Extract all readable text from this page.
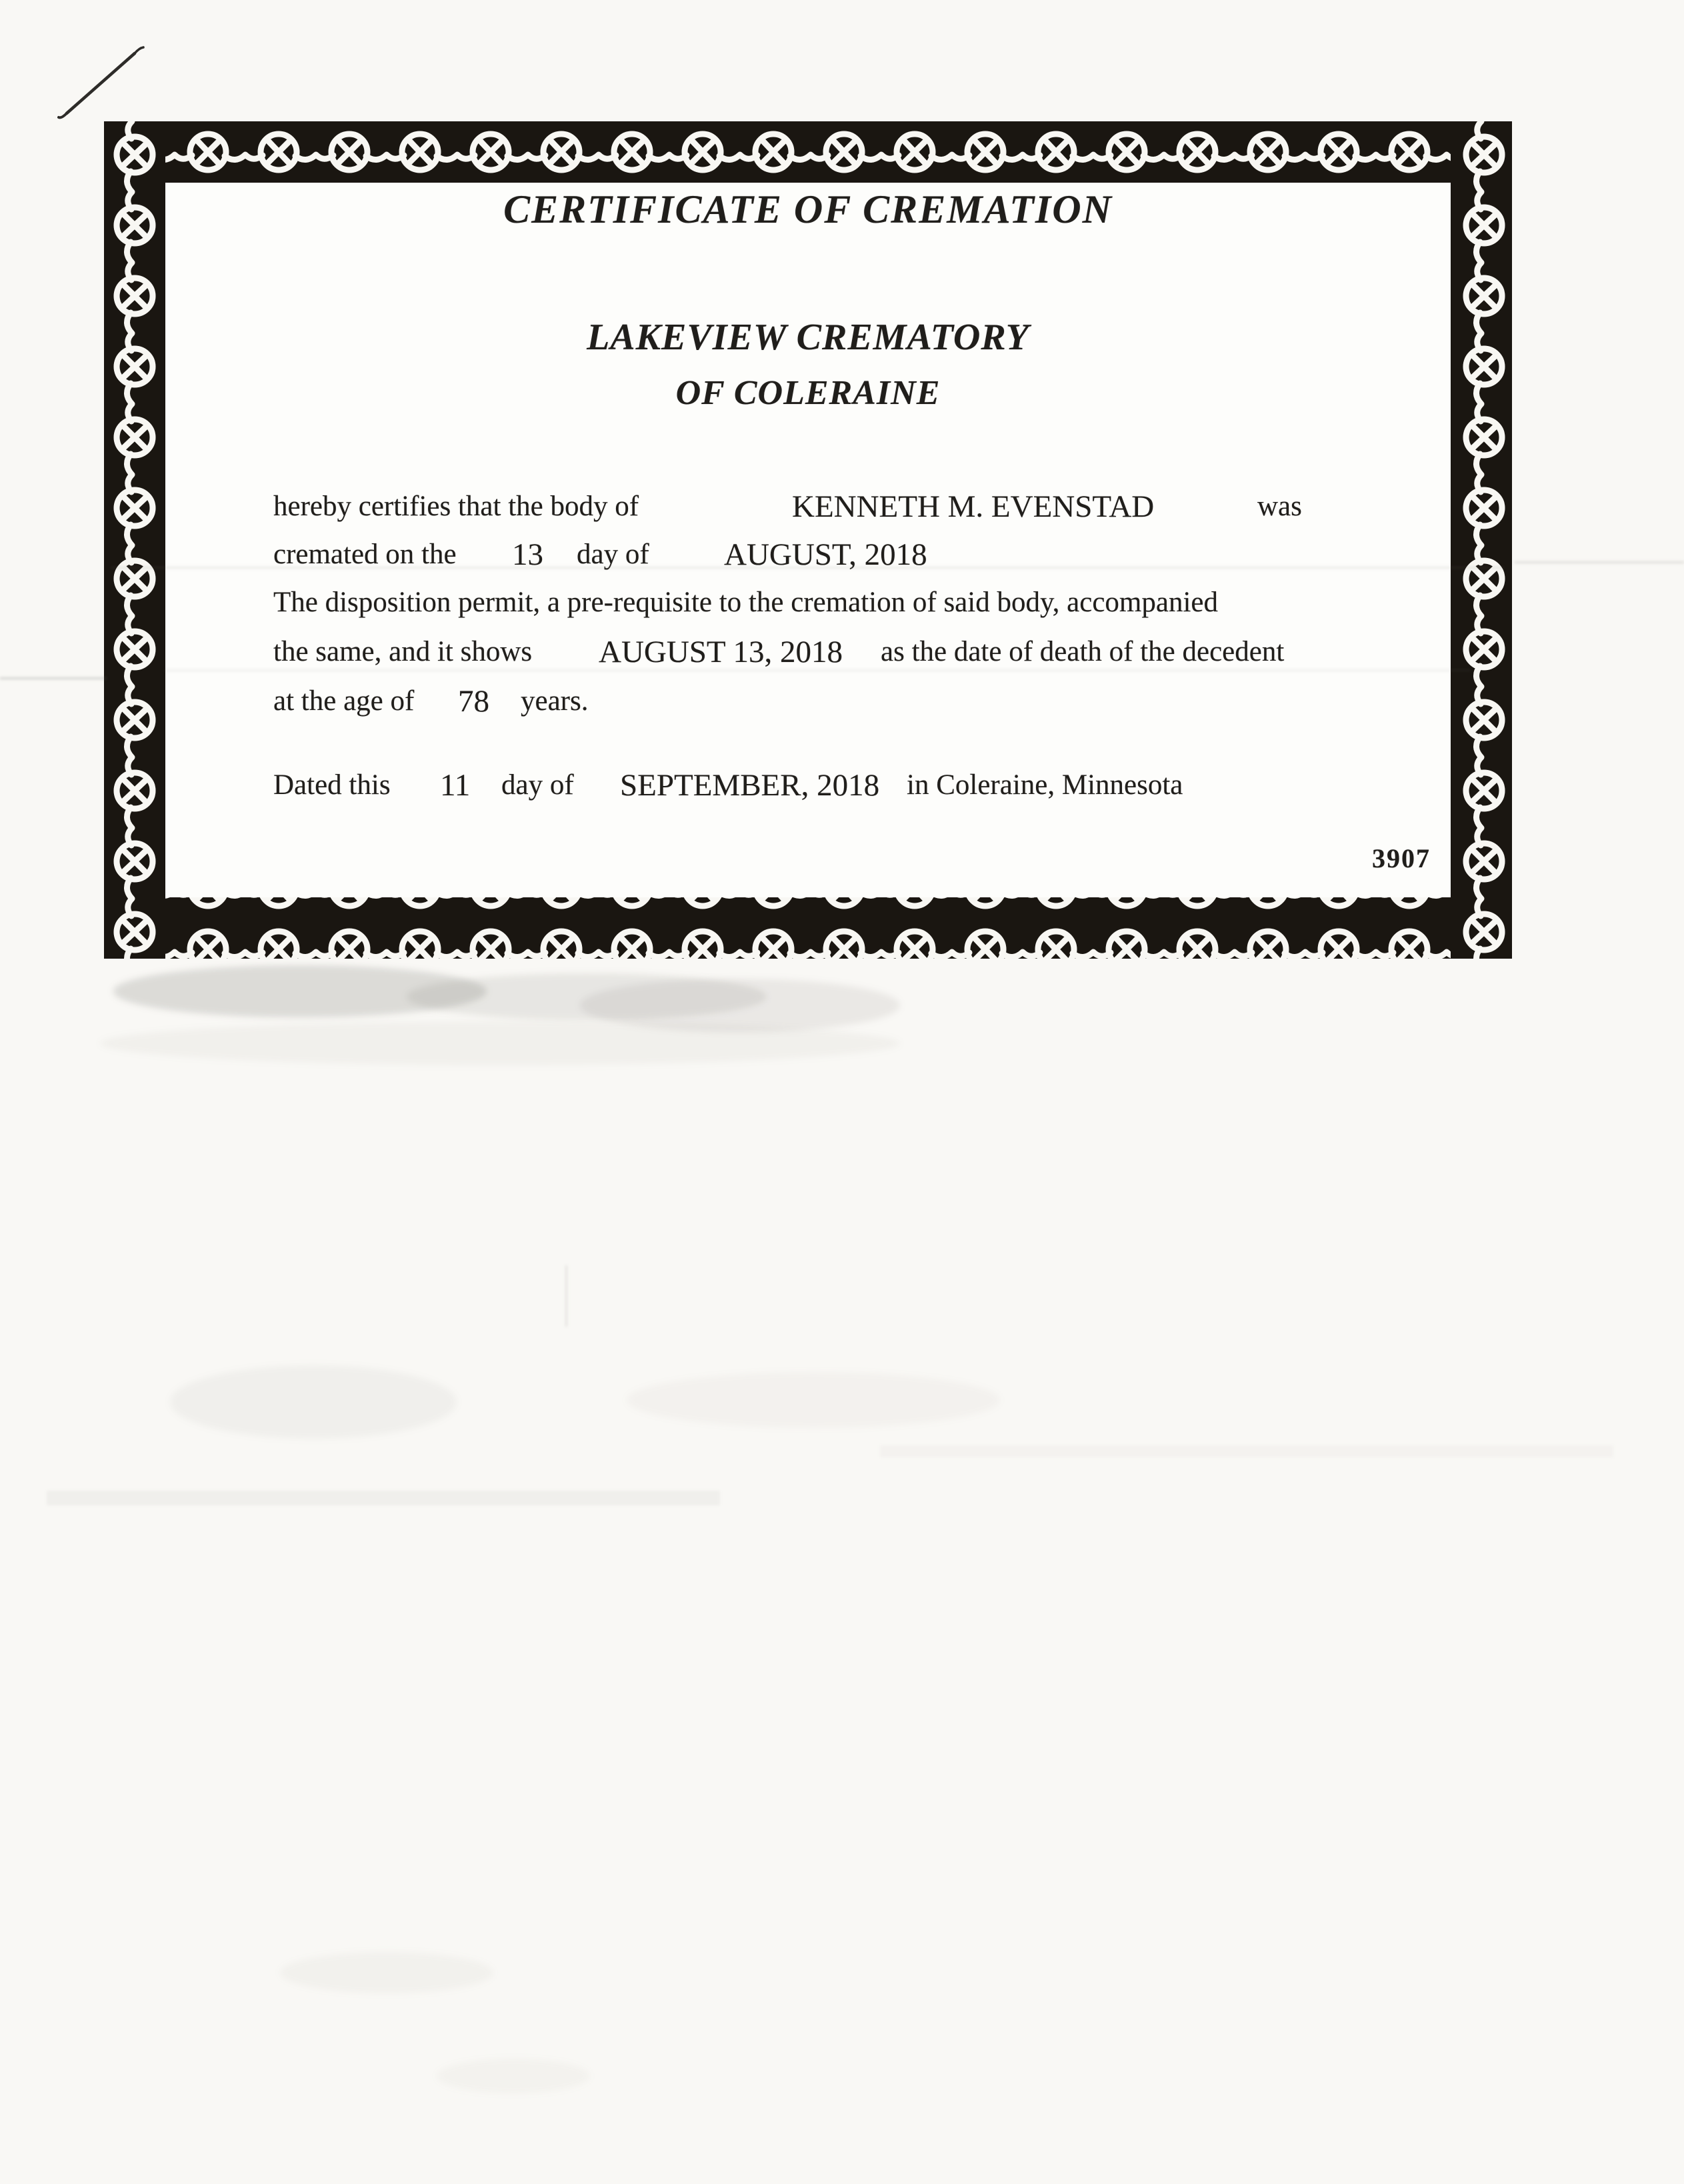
CERTIFICATE OF CREMATION
LAKEVIEW CREMATORY
OF COLERAINE
hereby certifies that the body of	KENNETH M. EVENSTAD	was
cremated on the 13 day of AUGUST, 2018
The disposition permit, a pre-requisite to the cremation of said body, accompanied
the same, and it shows AUGUST 13, 2018 as the date of death of the decedent
at the age of 78 years.
Dated this 11 day of SEPTEMBER, 2018 in Coleraine, Minnesota
3907
